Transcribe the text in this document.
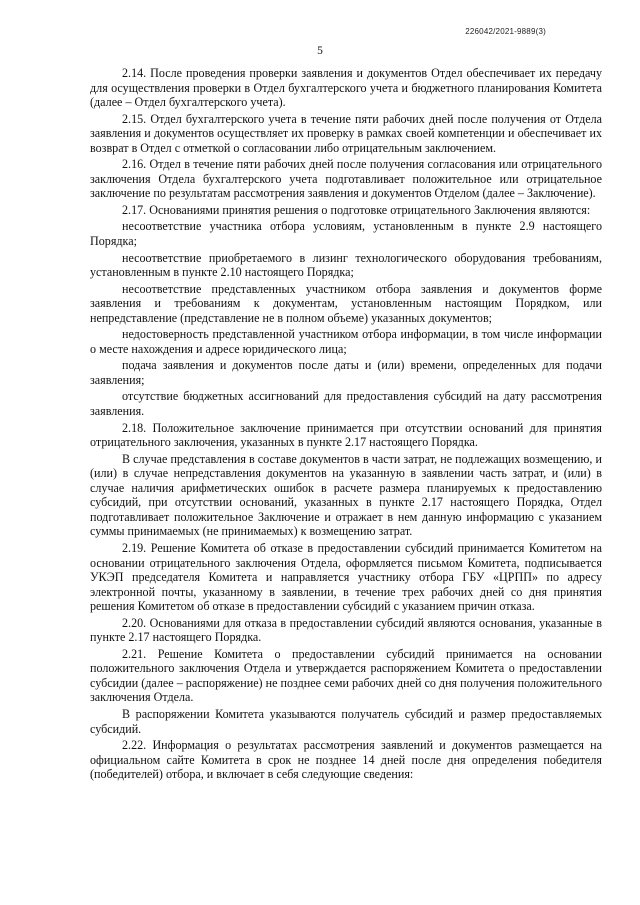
226042/2021-9889(3)
5

2.14. После проведения проверки заявления и документов Отдел обеспечивает их передачу для осуществления проверки в Отдел бухгалтерского учета и бюджетного планирования Комитета (далее – Отдел бухгалтерского учета).

2.15. Отдел бухгалтерского учета в течение пяти рабочих дней после получения от Отдела заявления и документов осуществляет их проверку в рамках своей компетенции и обеспечивает их возврат в Отдел с отметкой о согласовании либо отрицательным заключением.

2.16. Отдел в течение пяти рабочих дней после получения согласования или отрицательного заключения Отдела бухгалтерского учета подготавливает положительное или отрицательное заключение по результатам рассмотрения заявления и документов Отделом (далее – Заключение).

2.17. Основаниями принятия решения о подготовке отрицательного Заключения являются:

несоответствие участника отбора условиям, установленным в пункте 2.9 настоящего Порядка;

несоответствие приобретаемого в лизинг технологического оборудования требованиям, установленным в пункте 2.10 настоящего Порядка;

несоответствие представленных участником отбора заявления и документов форме заявления и требованиям к документам, установленным настоящим Порядком, или непредставление (представление не в полном объеме) указанных документов;

недостоверность представленной участником отбора информации, в том числе информации о месте нахождения и адресе юридического лица;

подача заявления и документов после даты и (или) времени, определенных для подачи заявления;

отсутствие бюджетных ассигнований для предоставления субсидий на дату рассмотрения заявления.

2.18. Положительное заключение принимается при отсутствии оснований для принятия отрицательного заключения, указанных в пункте 2.17 настоящего Порядка.

В случае представления в составе документов в части затрат, не подлежащих возмещению, и (или) в случае непредставления документов на указанную в заявлении часть затрат, и (или) в случае наличия арифметических ошибок в расчете размера планируемых к предоставлению субсидий, при отсутствии оснований, указанных в пункте 2.17 настоящего Порядка, Отдел подготавливает положительное Заключение и отражает в нем данную информацию с указанием суммы принимаемых (не принимаемых) к возмещению затрат.

2.19. Решение Комитета об отказе в предоставлении субсидий принимается Комитетом на основании отрицательного заключения Отдела, оформляется письмом Комитета, подписывается УКЭП председателя Комитета и направляется участнику отбора ГБУ «ЦРПП» по адресу электронной почты, указанному в заявлении, в течение трех рабочих дней со дня принятия решения Комитетом об отказе в предоставлении субсидий с указанием причин отказа.

2.20. Основаниями для отказа в предоставлении субсидий являются основания, указанные в пункте 2.17 настоящего Порядка.

2.21. Решение Комитета о предоставлении субсидий принимается на основании положительного заключения Отдела и утверждается распоряжением Комитета о предоставлении субсидии (далее – распоряжение) не позднее семи рабочих дней со дня получения положительного заключения Отдела.

В распоряжении Комитета указываются получатель субсидий и размер предоставляемых субсидий.

2.22. Информация о результатах рассмотрения заявлений и документов размещается на официальном сайте Комитета в срок не позднее 14 дней после дня определения победителя (победителей) отбора, и включает в себя следующие сведения:
